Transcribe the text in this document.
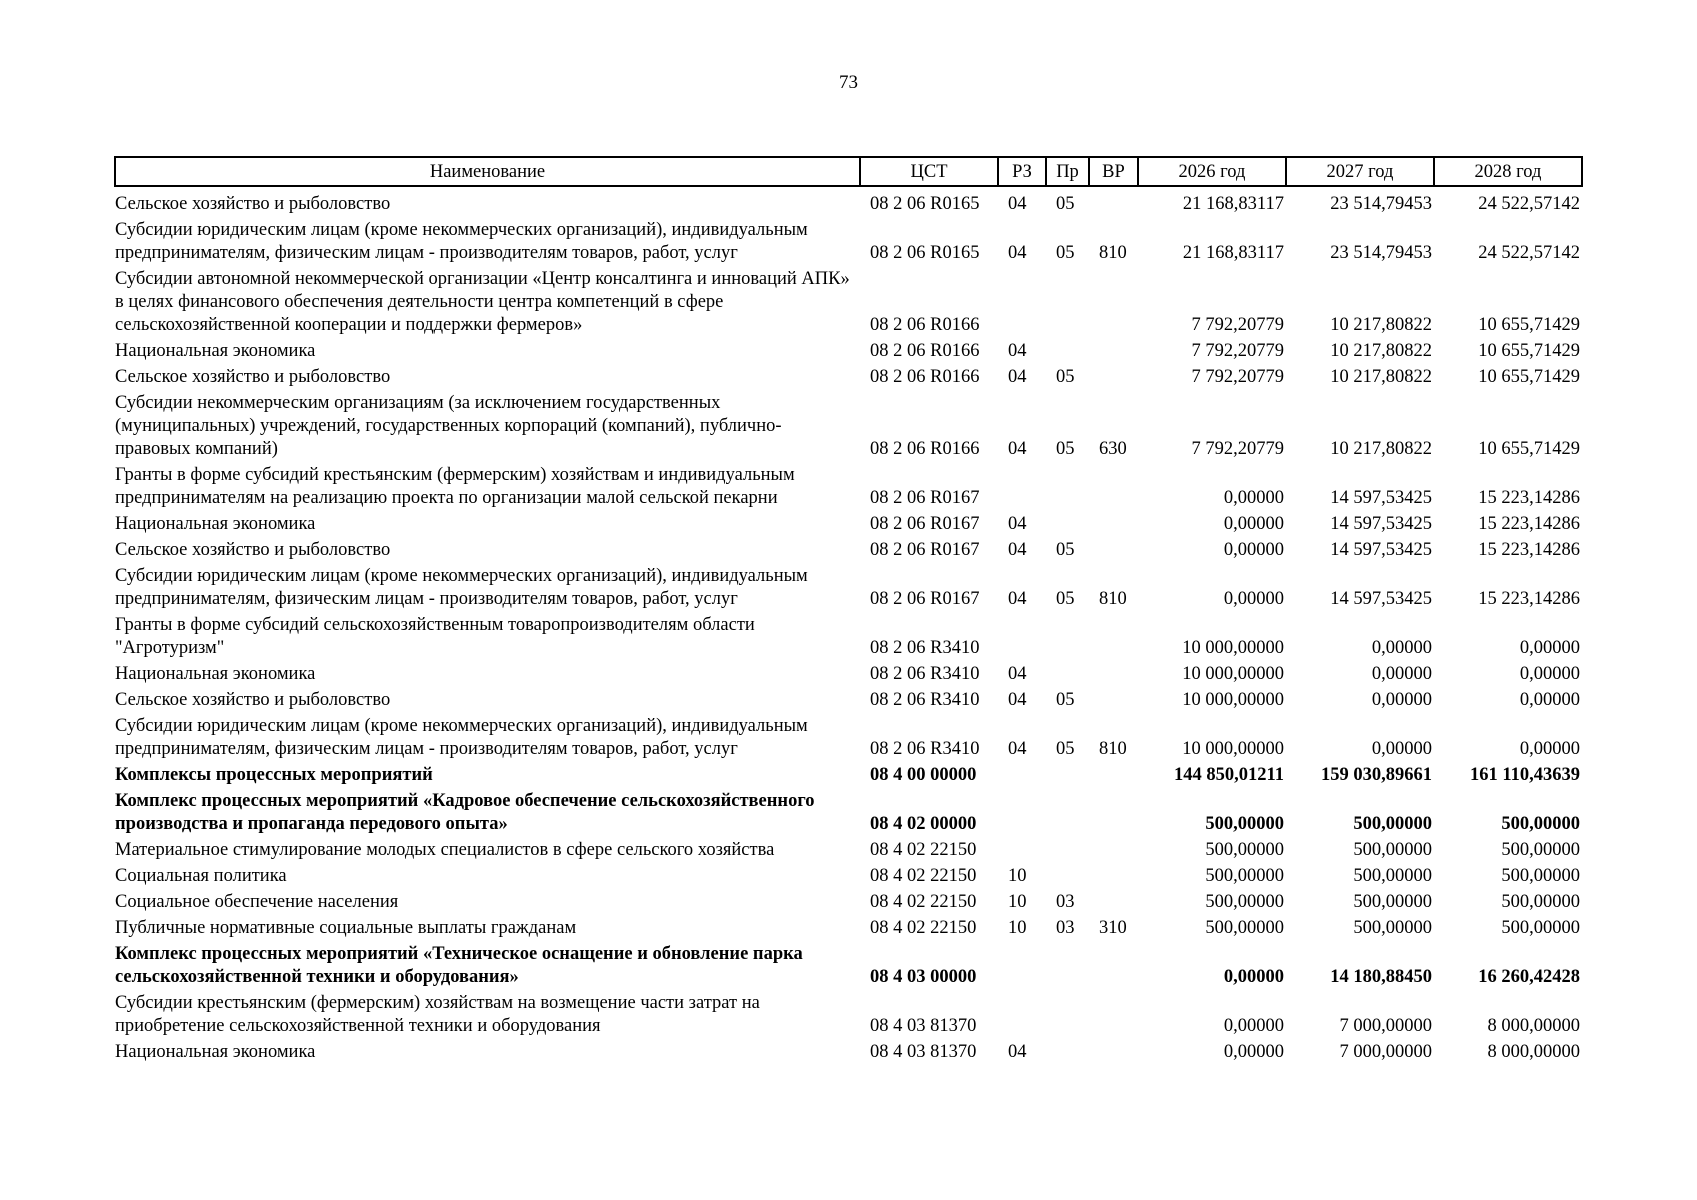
73
Наименование	ЦСТ	РЗ	Пр	ВР	2026 год	2027 год	2028 год
Сельское хозяйство и рыболовство	08 2 06 R0165	04	05		21 168,83117	23 514,79453	24 522,57142
Субсидии юридическим лицам (кроме некоммерческих организаций), индивидуальным предпринимателям, физическим лицам - производителям товаров, работ, услуг	08 2 06 R0165	04	05	810	21 168,83117	23 514,79453	24 522,57142
Субсидии автономной некоммерческой организации «Центр консалтинга и инноваций АПК» в целях финансового обеспечения деятельности центра компетенций в сфере сельскохозяйственной кооперации и поддержки фермеров»	08 2 06 R0166				7 792,20779	10 217,80822	10 655,71429
Национальная экономика	08 2 06 R0166	04			7 792,20779	10 217,80822	10 655,71429
Сельское хозяйство и рыболовство	08 2 06 R0166	04	05		7 792,20779	10 217,80822	10 655,71429
Субсидии некоммерческим организациям (за исключением государственных (муниципальных) учреждений, государственных корпораций (компаний), публично-правовых компаний)	08 2 06 R0166	04	05	630	7 792,20779	10 217,80822	10 655,71429
Гранты в форме субсидий крестьянским (фермерским) хозяйствам и индивидуальным предпринимателям на реализацию проекта по организации малой сельской пекарни	08 2 06 R0167				0,00000	14 597,53425	15 223,14286
Национальная экономика	08 2 06 R0167	04			0,00000	14 597,53425	15 223,14286
Сельское хозяйство и рыболовство	08 2 06 R0167	04	05		0,00000	14 597,53425	15 223,14286
Субсидии юридическим лицам (кроме некоммерческих организаций), индивидуальным предпринимателям, физическим лицам - производителям товаров, работ, услуг	08 2 06 R0167	04	05	810	0,00000	14 597,53425	15 223,14286
Гранты в форме субсидий сельскохозяйственным товаропроизводителям области "Агротуризм"	08 2 06 R3410				10 000,00000	0,00000	0,00000
Национальная экономика	08 2 06 R3410	04			10 000,00000	0,00000	0,00000
Сельское хозяйство и рыболовство	08 2 06 R3410	04	05		10 000,00000	0,00000	0,00000
Субсидии юридическим лицам (кроме некоммерческих организаций), индивидуальным предпринимателям, физическим лицам - производителям товаров, работ, услуг	08 2 06 R3410	04	05	810	10 000,00000	0,00000	0,00000
Комплексы процессных мероприятий	08 4 00 00000				144 850,01211	159 030,89661	161 110,43639
Комплекс процессных мероприятий «Кадровое обеспечение сельскохозяйственного производства и пропаганда передового опыта»	08 4 02 00000				500,00000	500,00000	500,00000
Материальное стимулирование молодых специалистов в сфере сельского хозяйства	08 4 02 22150				500,00000	500,00000	500,00000
Социальная политика	08 4 02 22150	10			500,00000	500,00000	500,00000
Социальное обеспечение населения	08 4 02 22150	10	03		500,00000	500,00000	500,00000
Публичные нормативные социальные выплаты гражданам	08 4 02 22150	10	03	310	500,00000	500,00000	500,00000
Комплекс процессных мероприятий «Техническое оснащение и обновление парка сельскохозяйственной техники и оборудования»	08 4 03 00000				0,00000	14 180,88450	16 260,42428
Субсидии крестьянским (фермерским) хозяйствам на возмещение части затрат на приобретение сельскохозяйственной техники и оборудования	08 4 03 81370				0,00000	7 000,00000	8 000,00000
Национальная экономика	08 4 03 81370	04			0,00000	7 000,00000	8 000,00000
